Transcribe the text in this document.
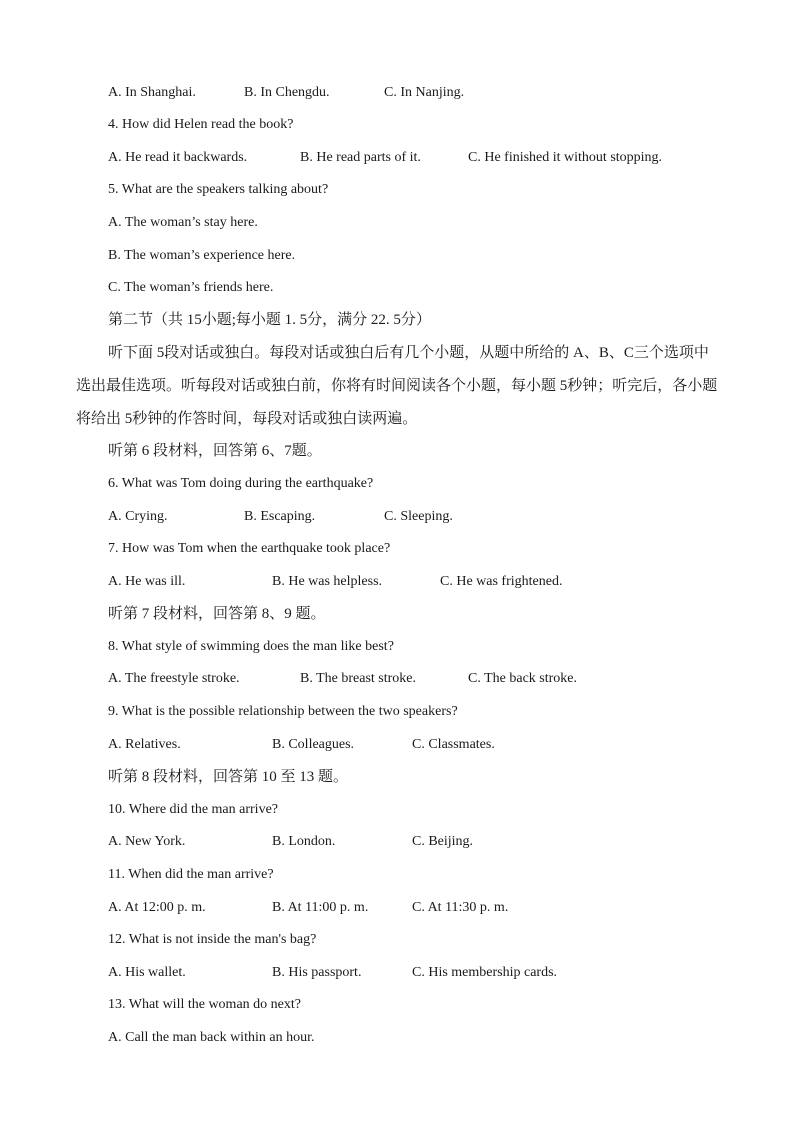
A. In Shanghai.	B. In Chengdu.	C. In Nanjing.
4. How did Helen read the book?
A. He read it backwards.	B. He read parts of it.	C. He finished it without stopping.
5. What are the speakers talking about?
A. The woman’s stay here.
B. The woman’s experience here.
C. The woman’s friends here.
第二节（共 15小题;每小题 1. 5分，满分 22. 5分）
听下面 5段对话或独白。每段对话或独白后有几个小题，从题中所给的 A、B、C三个选项中选出最佳选项。听每段对话或独白前，你将有时间阅读各个小题，每小题 5秒钟；听完后，各小题将给出 5秒钟的作答时间，每段对话或独白读两遍。
听第 6 段材料，回答第 6、7题。
6. What was Tom doing during the earthquake?
A. Crying.	B. Escaping.	C. Sleeping.
7. How was Tom when the earthquake took place?
A. He was ill.	B. He was helpless.	C. He was frightened.
听第 7 段材料，回答第 8、9 题。
8. What style of swimming does the man like best?
A. The freestyle stroke.	B. The breast stroke.	C. The back stroke.
9. What is the possible relationship between the two speakers?
A. Relatives.	B. Colleagues.	C. Classmates.
听第 8 段材料，回答第 10 至 13 题。
10. Where did the man arrive?
A. New York.	B. London.	C. Beijing.
11. When did the man arrive?
A. At 12:00 p. m.	B. At 11:00 p. m.	C. At 11:30 p. m.
12. What is not inside the man's bag?
A. His wallet.	B. His passport.	C. His membership cards.
13. What will the woman do next?
A. Call the man back within an hour.
